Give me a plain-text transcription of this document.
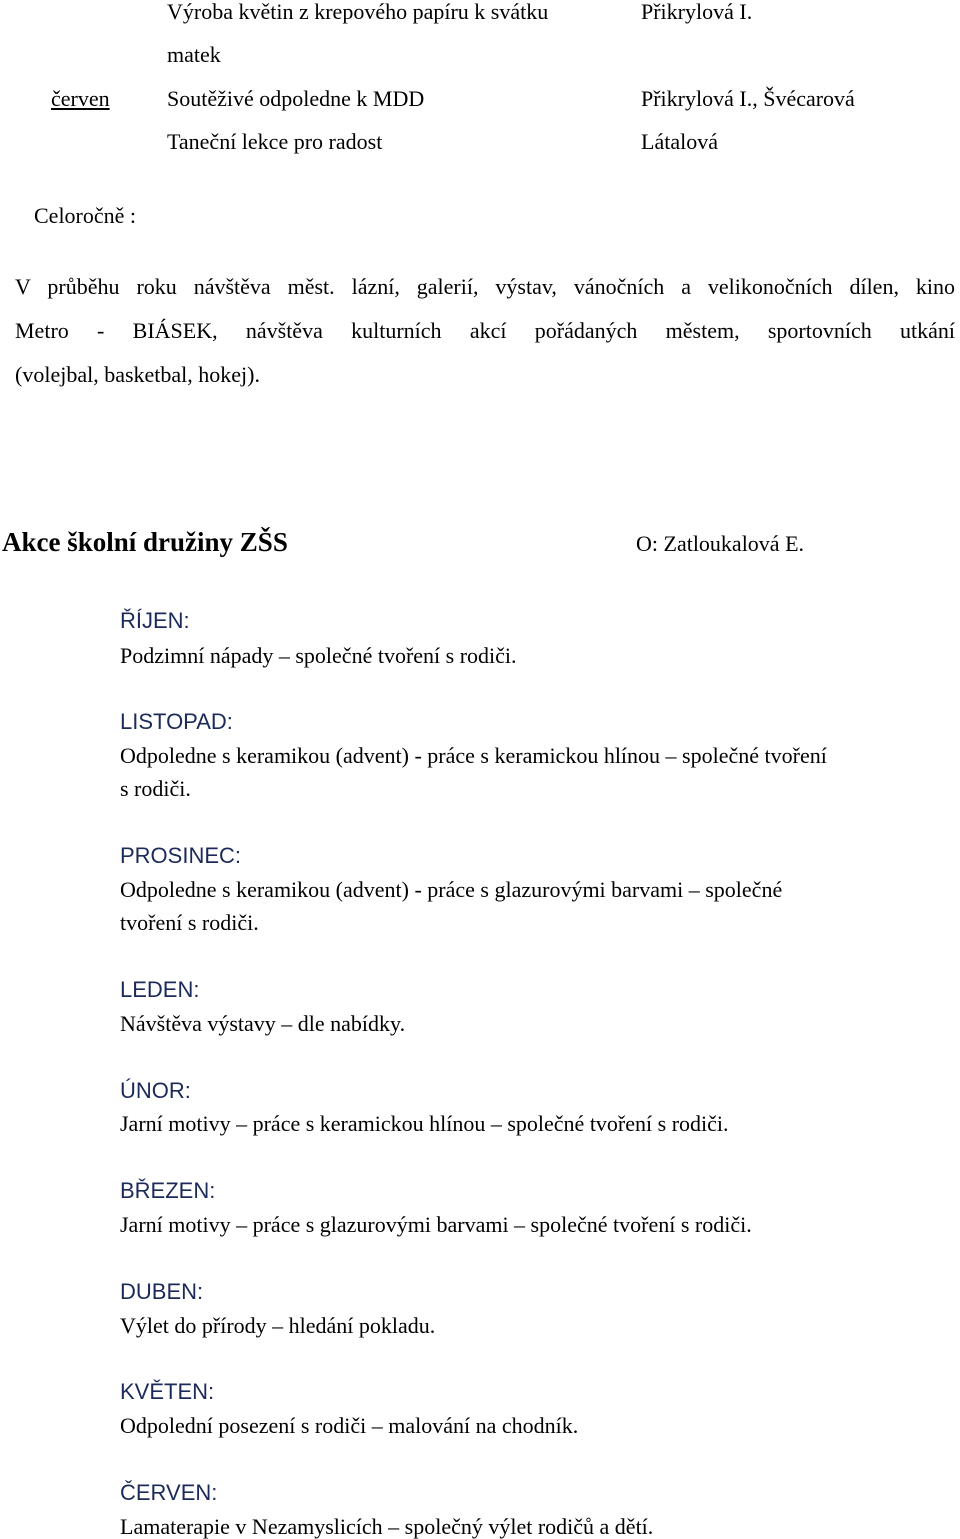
Výroba květin z krepového papíru k svátku	Přikrylová I.
matek
červen	Soutěživé odpoledne k MDD	Přikrylová I., Švécarová
Taneční lekce pro radost	Látalová
Celoročně :
V průběhu roku návštěva měst. lázní, galerií, výstav, vánočních a velikonočních dílen, kino
Metro - BIÁSEK, návštěva kulturních akcí pořádaných městem, sportovních utkání
(volejbal, basketbal, hokej).
Akce školní družiny ZŠS	O: Zatloukalová E.
ŘÍJEN:
Podzimní nápady – společné tvoření s rodiči.
LISTOPAD:
Odpoledne s keramikou (advent) - práce s keramickou hlínou – společné tvoření
s rodiči.
PROSINEC:
Odpoledne s keramikou (advent) - práce s glazurovými barvami – společné
tvoření s rodiči.
LEDEN:
Návštěva výstavy – dle nabídky.
ÚNOR:
Jarní motivy – práce s keramickou hlínou – společné tvoření s rodiči.
BŘEZEN:
Jarní motivy – práce s glazurovými barvami – společné tvoření s rodiči.
DUBEN:
Výlet do přírody – hledání pokladu.
KVĚTEN:
Odpolední posezení s rodiči – malování na chodník.
ČERVEN:
Lamaterapie v Nezamyslicích – společný výlet rodičů a dětí.
